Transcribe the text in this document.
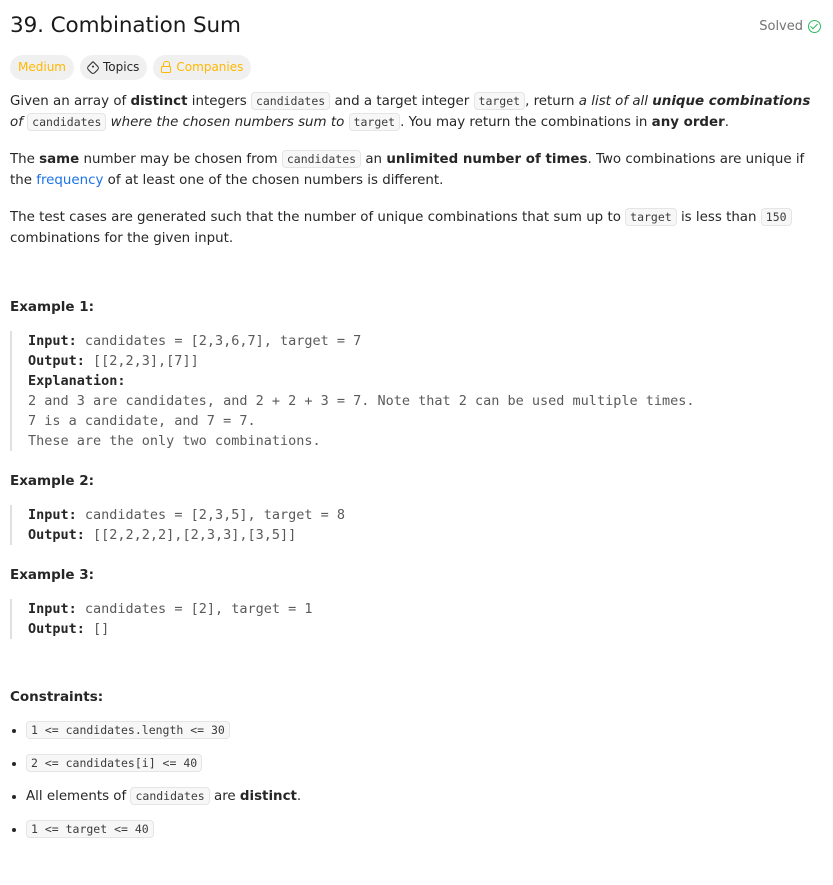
39. Combination Sum	Solved
Medium	Topics	Companies

Given an array of distinct integers candidates and a target integer target , return a list of all unique combinations of candidates where the chosen numbers sum to target . You may return the combinations in any order.

The same number may be chosen from candidates an unlimited number of times. Two combinations are unique if the frequency of at least one of the chosen numbers is different.

The test cases are generated such that the number of unique combinations that sum up to target is less than 150 combinations for the given input.

Example 1:

Input: candidates = [2,3,6,7], target = 7
Output: [[2,2,3],[7]]
Explanation:
2 and 3 are candidates, and 2 + 2 + 3 = 7. Note that 2 can be used multiple times.
7 is a candidate, and 7 = 7.
These are the only two combinations.

Example 2:

Input: candidates = [2,3,5], target = 8
Output: [[2,2,2,2],[2,3,3],[3,5]]

Example 3:

Input: candidates = [2], target = 1
Output: []

Constraints:

• 1 <= candidates.length <= 30
• 2 <= candidates[i] <= 40
• All elements of candidates are distinct.
• 1 <= target <= 40
